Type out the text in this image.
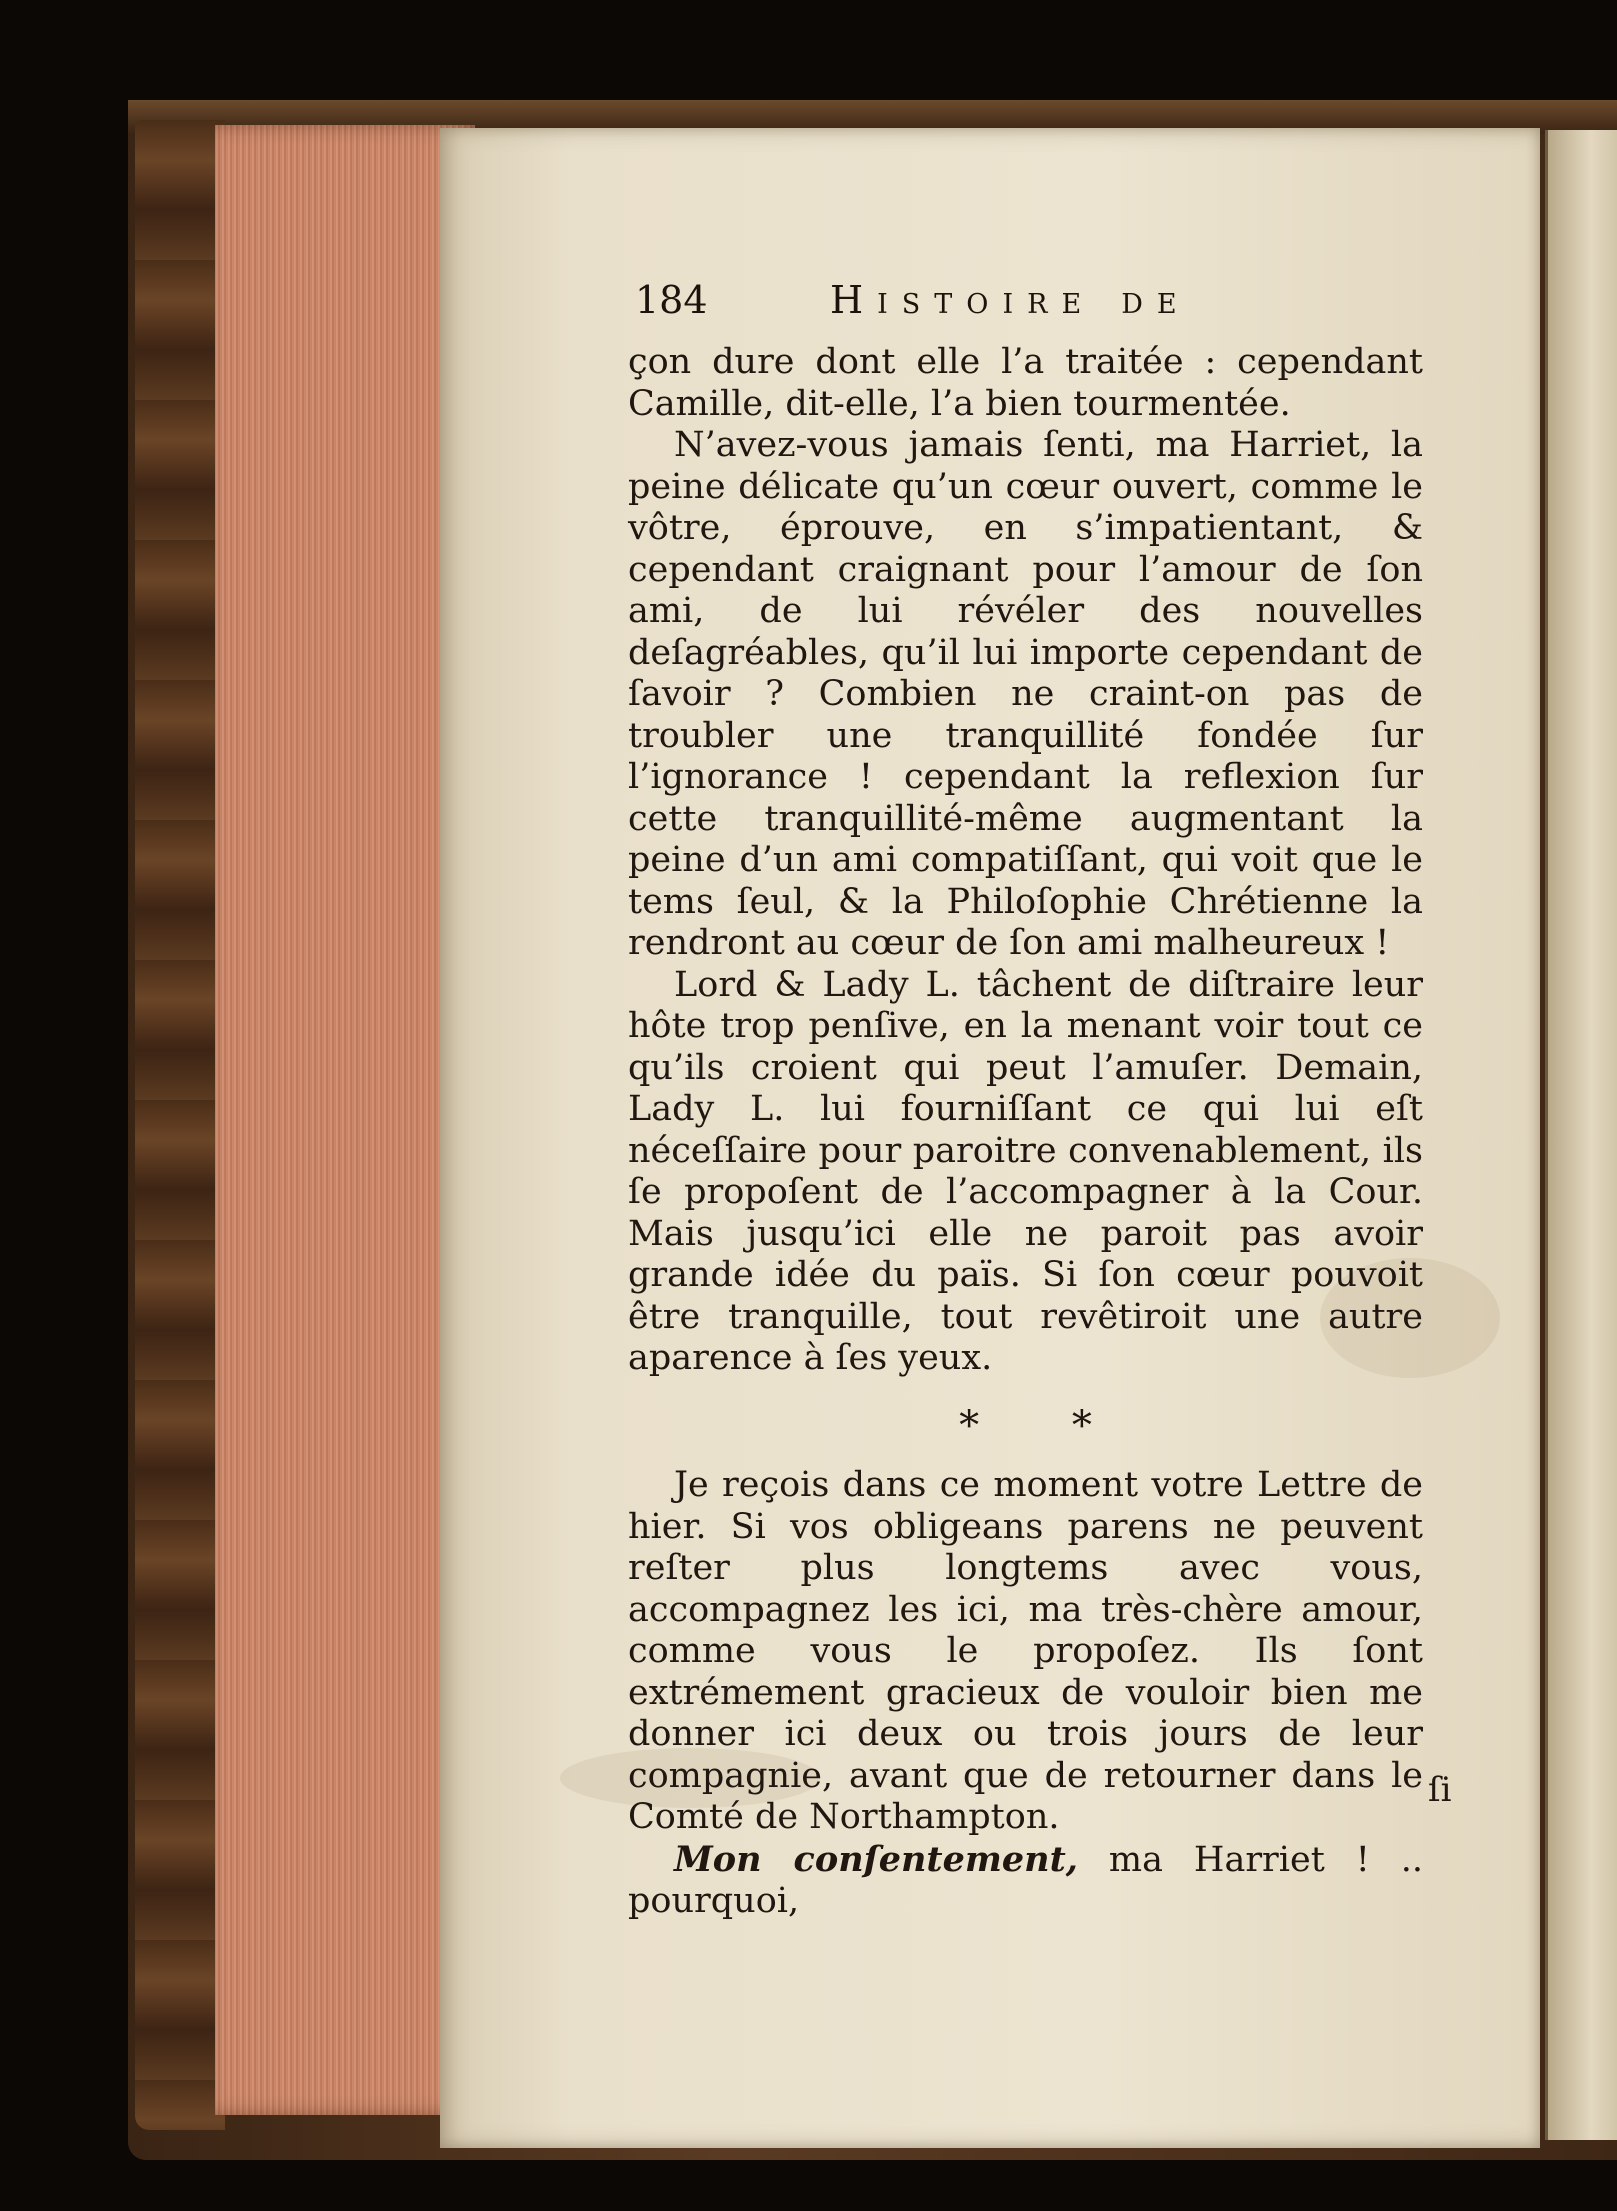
184	Histoire de

çon dure dont elle l’a traitée : cependant Camille, dit-elle, l’a bien tourmentée.

N’avez-vous jamais ſenti, ma Harriet, la peine délicate qu’un cœur ouvert, comme le vôtre, éprouve, en s’impatientant, & cependant craignant pour l’amour de ſon ami, de lui révéler des nouvelles deſagréables, qu’il lui importe cependant de ſavoir ? Combien ne craint-on pas de troubler une tranquillité fondée ſur l’ignorance ! cependant la reflexion ſur cette tranquillité-même augmentant la peine d’un ami compatiſſant, qui voit que le tems ſeul, & la Philoſophie Chrétienne la rendront au cœur de ſon ami malheureux !

Lord & Lady L. tâchent de diſtraire leur hôte trop penſive, en la menant voir tout ce qu’ils croient qui peut l’amuſer. Demain, Lady L. lui fourniſſant ce qui lui eſt néceſſaire pour paroitre convenablement, ils ſe propoſent de l’accompagner à la Cour. Mais jusqu’ici elle ne paroit pas avoir grande idée du païs. Si ſon cœur pouvoit être tranquille, tout revêtiroit une autre aparence à ſes yeux.

* *

Je reçois dans ce moment votre Lettre de hier. Si vos obligeans parens ne peuvent reſter plus longtems avec vous, accompagnez les ici, ma très-chère amour, comme vous le propoſez. Ils ſont extrémement gracieux de vouloir bien me donner ici deux ou trois jours de leur compagnie, avant que de retourner dans le Comté de Northampton.

Mon conſentement, ma Harriet ! .. pourquoi,

ſi
